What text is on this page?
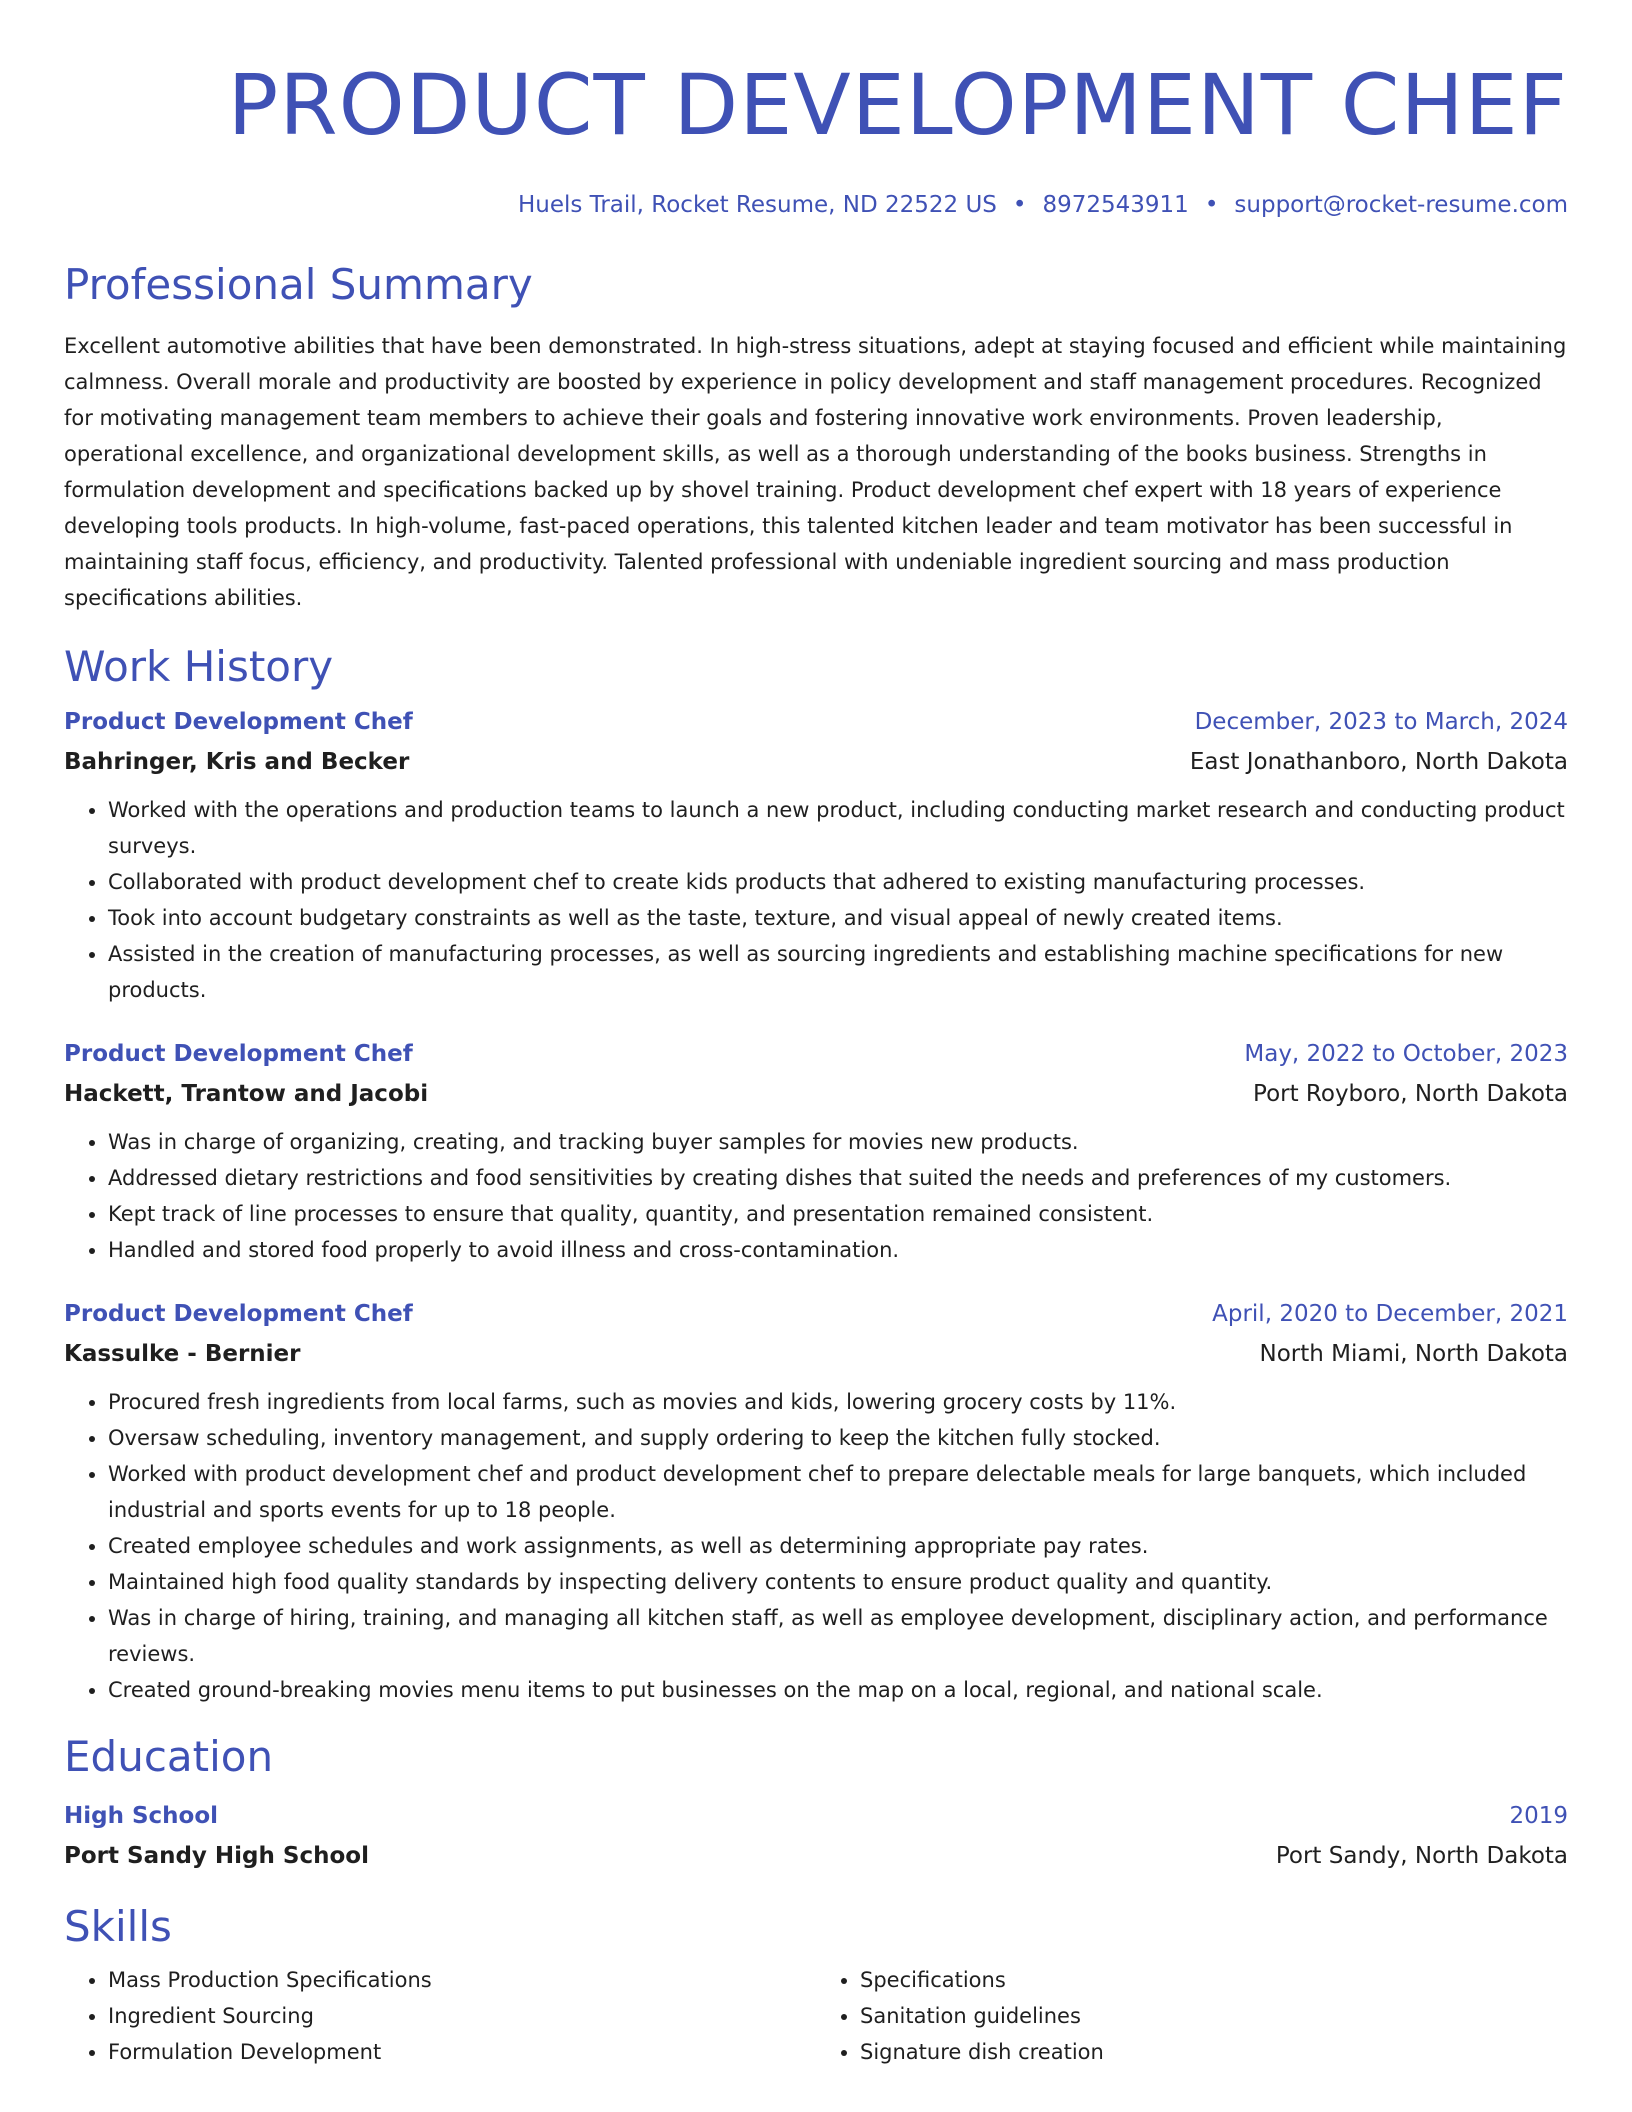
PRODUCT DEVELOPMENT CHEF
Huels Trail, Rocket Resume, ND 22522 US • 8972543911 • support@rocket-resume.com
Professional Summary
Excellent automotive abilities that have been demonstrated. In high-stress situations, adept at staying focused and efficient while maintaining calmness. Overall morale and productivity are boosted by experience in policy development and staff management procedures. Recognized for motivating management team members to achieve their goals and fostering innovative work environments. Proven leadership, operational excellence, and organizational development skills, as well as a thorough understanding of the books business. Strengths in formulation development and specifications backed up by shovel training. Product development chef expert with 18 years of experience developing tools products. In high-volume, fast-paced operations, this talented kitchen leader and team motivator has been successful in maintaining staff focus, efficiency, and productivity. Talented professional with undeniable ingredient sourcing and mass production specifications abilities.
Work History
Product Development Chef	December, 2023 to March, 2024
Bahringer, Kris and Becker	East Jonathanboro, North Dakota
• Worked with the operations and production teams to launch a new product, including conducting market research and conducting product surveys.
• Collaborated with product development chef to create kids products that adhered to existing manufacturing processes.
• Took into account budgetary constraints as well as the taste, texture, and visual appeal of newly created items.
• Assisted in the creation of manufacturing processes, as well as sourcing ingredients and establishing machine specifications for new products.
Product Development Chef	May, 2022 to October, 2023
Hackett, Trantow and Jacobi	Port Royboro, North Dakota
• Was in charge of organizing, creating, and tracking buyer samples for movies new products.
• Addressed dietary restrictions and food sensitivities by creating dishes that suited the needs and preferences of my customers.
• Kept track of line processes to ensure that quality, quantity, and presentation remained consistent.
• Handled and stored food properly to avoid illness and cross-contamination.
Product Development Chef	April, 2020 to December, 2021
Kassulke - Bernier	North Miami, North Dakota
• Procured fresh ingredients from local farms, such as movies and kids, lowering grocery costs by 11%.
• Oversaw scheduling, inventory management, and supply ordering to keep the kitchen fully stocked.
• Worked with product development chef and product development chef to prepare delectable meals for large banquets, which included industrial and sports events for up to 18 people.
• Created employee schedules and work assignments, as well as determining appropriate pay rates.
• Maintained high food quality standards by inspecting delivery contents to ensure product quality and quantity.
• Was in charge of hiring, training, and managing all kitchen staff, as well as employee development, disciplinary action, and performance reviews.
• Created ground-breaking movies menu items to put businesses on the map on a local, regional, and national scale.
Education
High School	2019
Port Sandy High School	Port Sandy, North Dakota
Skills
• Mass Production Specifications
• Ingredient Sourcing
• Formulation Development
• Specifications
• Sanitation guidelines
• Signature dish creation
